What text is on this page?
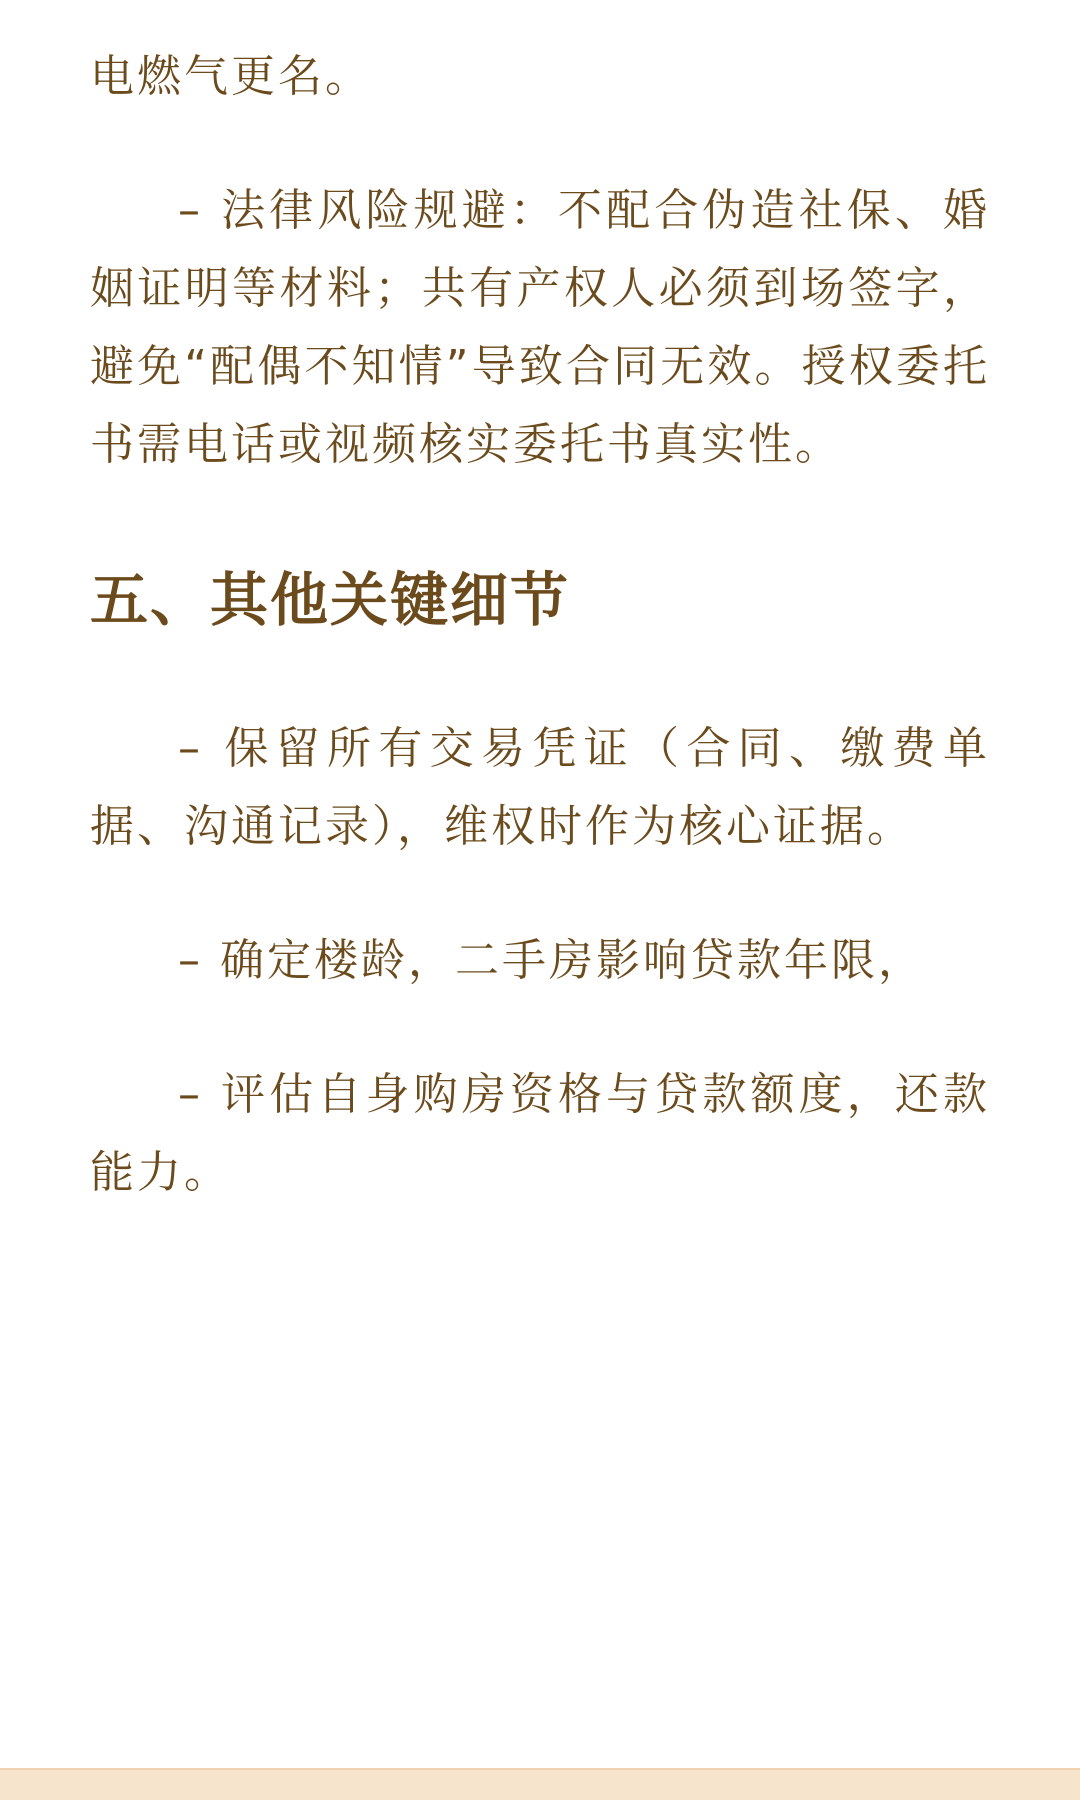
电燃气更名。

– 法律风险规避：不配合伪造社保、婚姻证明等材料；共有产权人必须到场签字，避免“配偶不知情”导致合同无效。授权委托书需电话或视频核实委托书真实性。

五、其他关键细节

– 保留所有交易凭证（合同、缴费单据、沟通记录），维权时作为核心证据。

– 确定楼龄，二手房影响贷款年限，

– 评估自身购房资格与贷款额度，还款能力。
